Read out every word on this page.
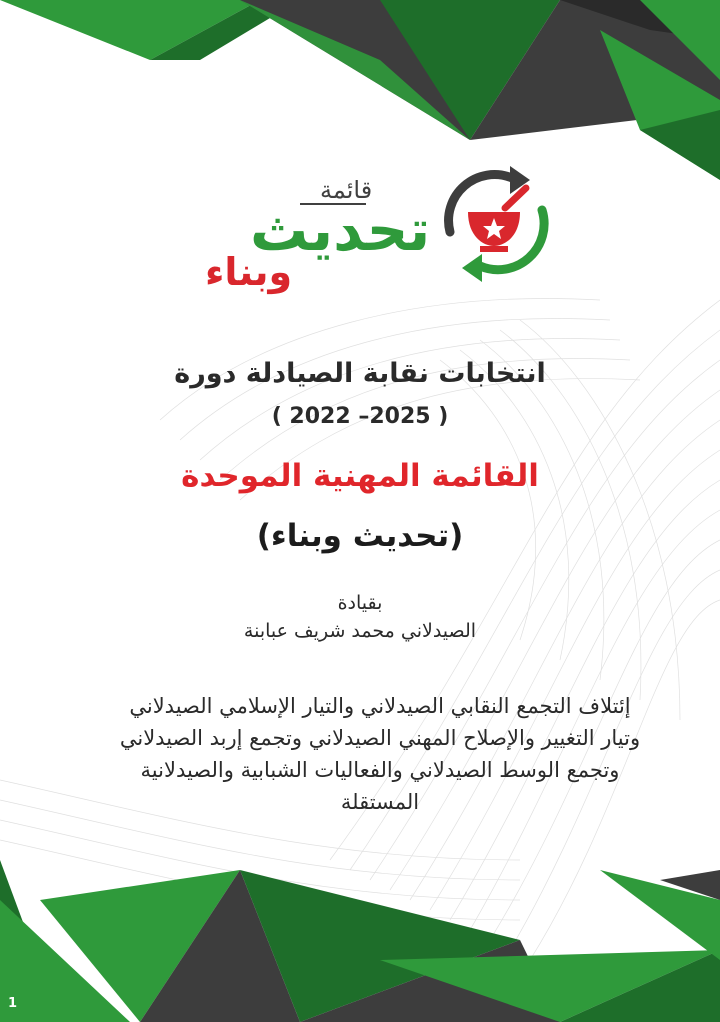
قائمة
تحديث
وبناء

انتخابات نقابة الصيادلة دورة

( 2022 –2025 )

القائمة المهنية الموحدة

(تحديث وبناء)

بقيادة

الصيدلاني محمد شريف عبابنة

إئتلاف التجمع النقابي الصيدلاني والتيار الإسلامي الصيدلاني وتيار التغيير والإصلاح المهني الصيدلاني وتجمع إربد الصيدلاني وتجمع الوسط الصيدلاني والفعاليات الشبابية والصيدلانية المستقلة

1
